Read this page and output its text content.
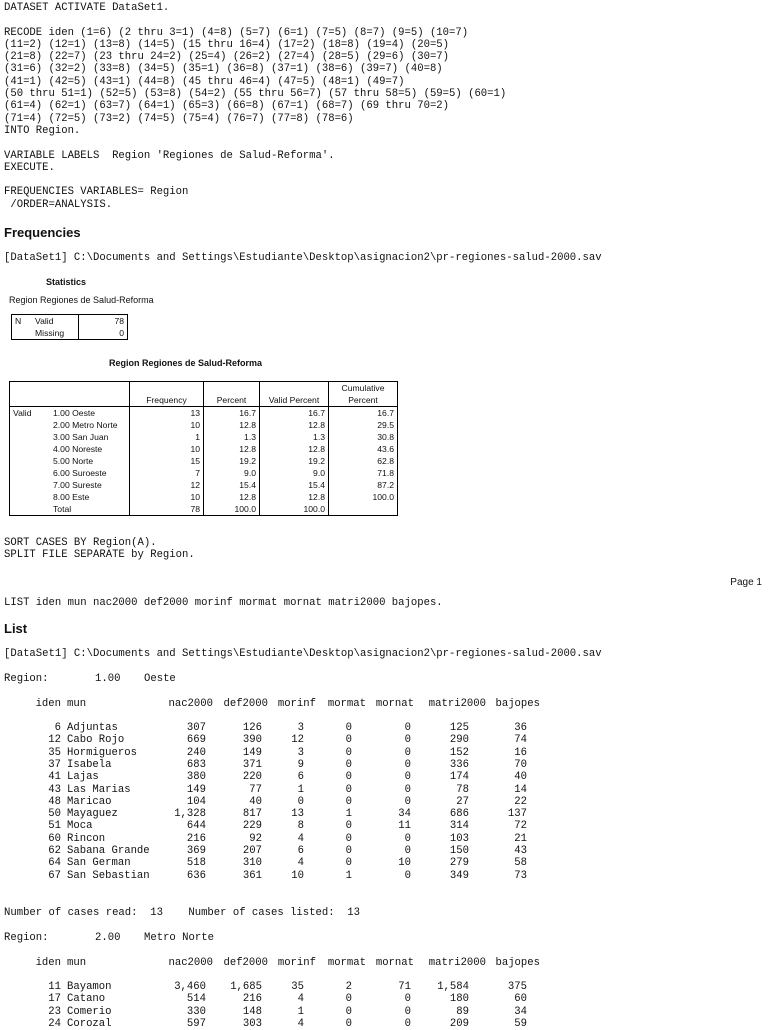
DATASET ACTIVATE DataSet1.

RECODE iden (1=6) (2 thru 3=1) (4=8) (5=7) (6=1) (7=5) (8=7) (9=5) (10=7)
(11=2) (12=1) (13=8) (14=5) (15 thru 16=4) (17=2) (18=8) (19=4) (20=5)
(21=8) (22=7) (23 thru 24=2) (25=4) (26=2) (27=4) (28=5) (29=6) (30=7)
(31=6) (32=2) (33=8) (34=5) (35=1) (36=8) (37=1) (38=6) (39=7) (40=8)
(41=1) (42=5) (43=1) (44=8) (45 thru 46=4) (47=5) (48=1) (49=7)
(50 thru 51=1) (52=5) (53=8) (54=2) (55 thru 56=7) (57 thru 58=5) (59=5) (60=1)
(61=4) (62=1) (63=7) (64=1) (65=3) (66=8) (67=1) (68=7) (69 thru 70=2)
(71=4) (72=5) (73=2) (74=5) (75=4) (76=7) (77=8) (78=6)
INTO Region.

VARIABLE LABELS  Region 'Regiones de Salud-Reforma'.
EXECUTE.

FREQUENCIES VARIABLES= Region
/ORDER=ANALYSIS.
Frequencies
[DataSet1] C:\Documents and Settings\Estudiante\Desktop\asignacion2\pr-regiones-salud-2000.sav
Statistics
Region Regiones de Salud-Reforma
N	Valid	78
	Missing	0
Region Regiones de Salud-Reforma
		Frequency	Percent	Valid Percent	Cumulative
					Percent
Valid	1.00 Oeste	13	16.7	16.7	16.7
	2.00 Metro Norte	10	12.8	12.8	29.5
	3.00 San Juan	1	1.3	1.3	30.8
	4.00 Noreste	10	12.8	12.8	43.6
	5.00 Norte	15	19.2	19.2	62.8
	6.00 Suroeste	7	9.0	9.0	71.8
	7.00 Sureste	12	15.4	15.4	87.2
	8.00 Este	10	12.8	12.8	100.0
	Total	78	100.0	100.0	
SORT CASES BY Region(A).
SPLIT FILE SEPARATE by Region.
Page 1
LIST iden mun nac2000 def2000 morinf mormat mornat matri2000 bajopes.
List
[DataSet1] C:\Documents and Settings\Estudiante\Desktop\asignacion2\pr-regiones-salud-2000.sav
Region:	1.00 Oeste
iden mun	nac2000 def2000 morinf mormat mornat matri2000 bajopes
6 Adjuntas	307	126	3	0	0	125	36
12 Cabo Rojo	669	390	12	0	0	290	74
35 Hormigueros	240	149	3	0	0	152	16
37 Isabela	683	371	9	0	0	336	70
41 Lajas	380	220	6	0	0	174	40
43 Las Marias	149	77	1	0	0	78	14
48 Maricao	104	40	0	0	0	27	22
50 Mayaguez	1,328	817	13	1	34	686	137
51 Moca	644	229	8	0	11	314	72
60 Rincon	216	92	4	0	0	103	21
62 Sabana Grande	369	207	6	0	0	150	43
64 San German	518	310	4	0	10	279	58
67 San Sebastian	636	361	10	1	0	349	73
Number of cases read:  13    Number of cases listed:  13
Region:	2.00 Metro Norte
iden mun	nac2000 def2000 morinf mormat mornat matri2000 bajopes
11 Bayamon	3,460 1,685	35	2	71 1,584	375
17 Catano	514	216	4	0	0	180	60
23 Comerio	330	148	1	0	0	89	34
24 Corozal	597	303	4	0	0	209	59
